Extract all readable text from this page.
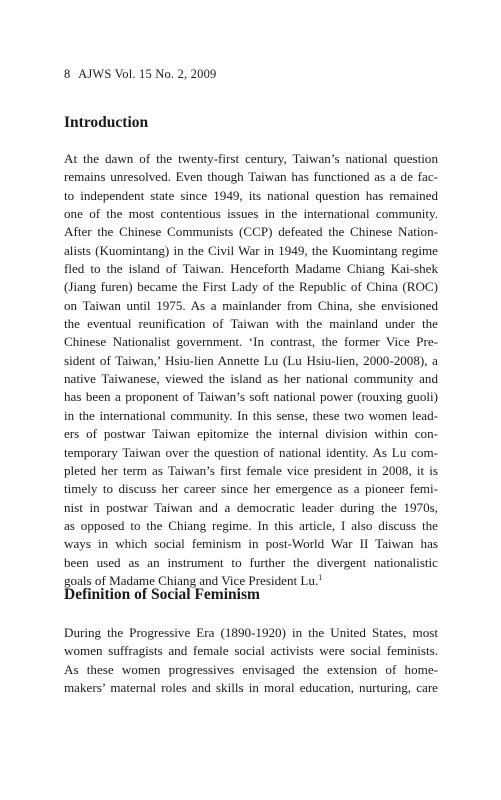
8 AJWS Vol. 15 No. 2, 2009
Introduction
At the dawn of the twenty-first century, Taiwan’s national question
remains unresolved. Even though Taiwan has functioned as a de fac-
to independent state since 1949, its national question has remained
one of the most contentious issues in the international community.
After the Chinese Communists (CCP) defeated the Chinese Nation-
alists (Kuomintang) in the Civil War in 1949, the Kuomintang regime
fled to the island of Taiwan. Henceforth Madame Chiang Kai-shek
(Jiang furen) became the First Lady of the Republic of China (ROC)
on Taiwan until 1975. As a mainlander from China, she envisioned
the eventual reunification of Taiwan with the mainland under the
Chinese Nationalist government. ‘In contrast, the former Vice Pre-
sident of Taiwan,’ Hsiu-lien Annette Lu (Lu Hsiu-lien, 2000-2008), a
native Taiwanese, viewed the island as her national community and
has been a proponent of Taiwan’s soft national power (rouxing guoli)
in the international community. In this sense, these two women lead-
ers of postwar Taiwan epitomize the internal division within con-
temporary Taiwan over the question of national identity. As Lu com-
pleted her term as Taiwan’s first female vice president in 2008, it is
timely to discuss her career since her emergence as a pioneer femi-
nist in postwar Taiwan and a democratic leader during the 1970s,
as opposed to the Chiang regime. In this article, I also discuss the
ways in which social feminism in post-World War II Taiwan has
been used as an instrument to further the divergent nationalistic
goals of Madame Chiang and Vice President Lu.$^1$
Definition of Social Feminism
During the Progressive Era (1890-1920) in the United States, most
women suffragists and female social activists were social feminists.
As these women progressives envisaged the extension of home-
makers’ maternal roles and skills in moral education, nurturing, care
